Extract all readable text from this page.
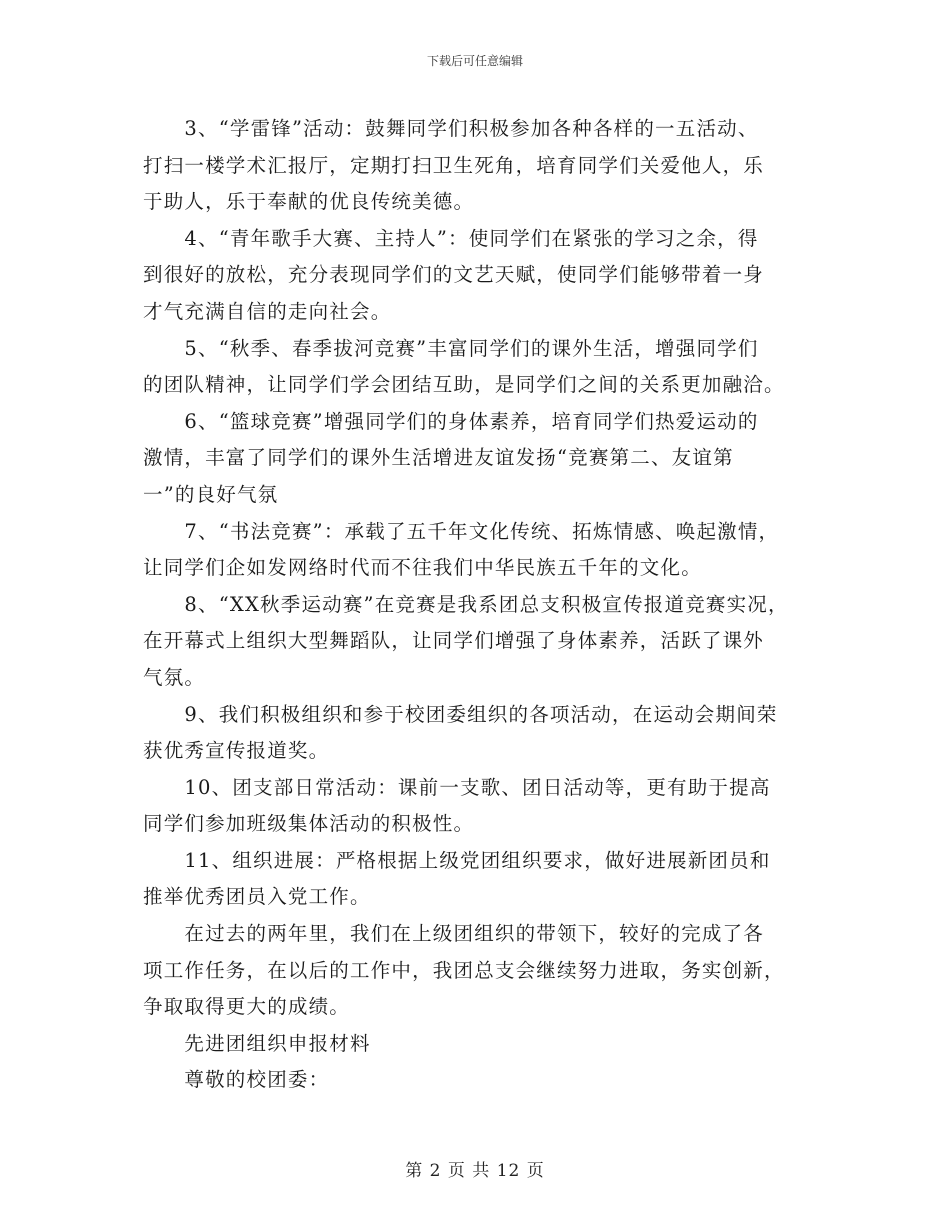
下载后可任意编辑

　　3、“学雷锋”活动：鼓舞同学们积极参加各种各样的一五活动、

打扫一楼学术汇报厅，定期打扫卫生死角，培育同学们关爱他人，乐

于助人，乐于奉献的优良传统美德。

　　4、“青年歌手大赛、主持人”：使同学们在紧张的学习之余，得

到很好的放松，充分表现同学们的文艺天赋，使同学们能够带着一身

才气充满自信的走向社会。

　　5、“秋季、春季拔河竞赛”丰富同学们的课外生活，增强同学们

的团队精神，让同学们学会团结互助，是同学们之间的关系更加融洽。

　　6、“篮球竞赛”增强同学们的身体素养，培育同学们热爱运动的

激情，丰富了同学们的课外生活增进友谊发扬“竞赛第二、友谊第

一”的良好气氛

　　7、“书法竞赛”：承载了五千年文化传统、拓炼情感、唤起激情，

让同学们企如发网络时代而不往我们中华民族五千年的文化。

　　8、“XX秋季运动赛”在竞赛是我系团总支积极宣传报道竞赛实况，

在开幕式上组织大型舞蹈队，让同学们增强了身体素养，活跃了课外

气氛。

　　9、我们积极组织和参于校团委组织的各项活动，在运动会期间荣

获优秀宣传报道奖。

　　10、团支部日常活动：课前一支歌、团日活动等，更有助于提高

同学们参加班级集体活动的积极性。

　　11、组织进展：严格根据上级党团组织要求，做好进展新团员和

推举优秀团员入党工作。

　　在过去的两年里，我们在上级团组织的带领下，较好的完成了各

项工作任务，在以后的工作中，我团总支会继续努力进取，务实创新，

争取取得更大的成绩。

　　先进团组织申报材料

　　尊敬的校团委：

第 2 页 共 12 页
